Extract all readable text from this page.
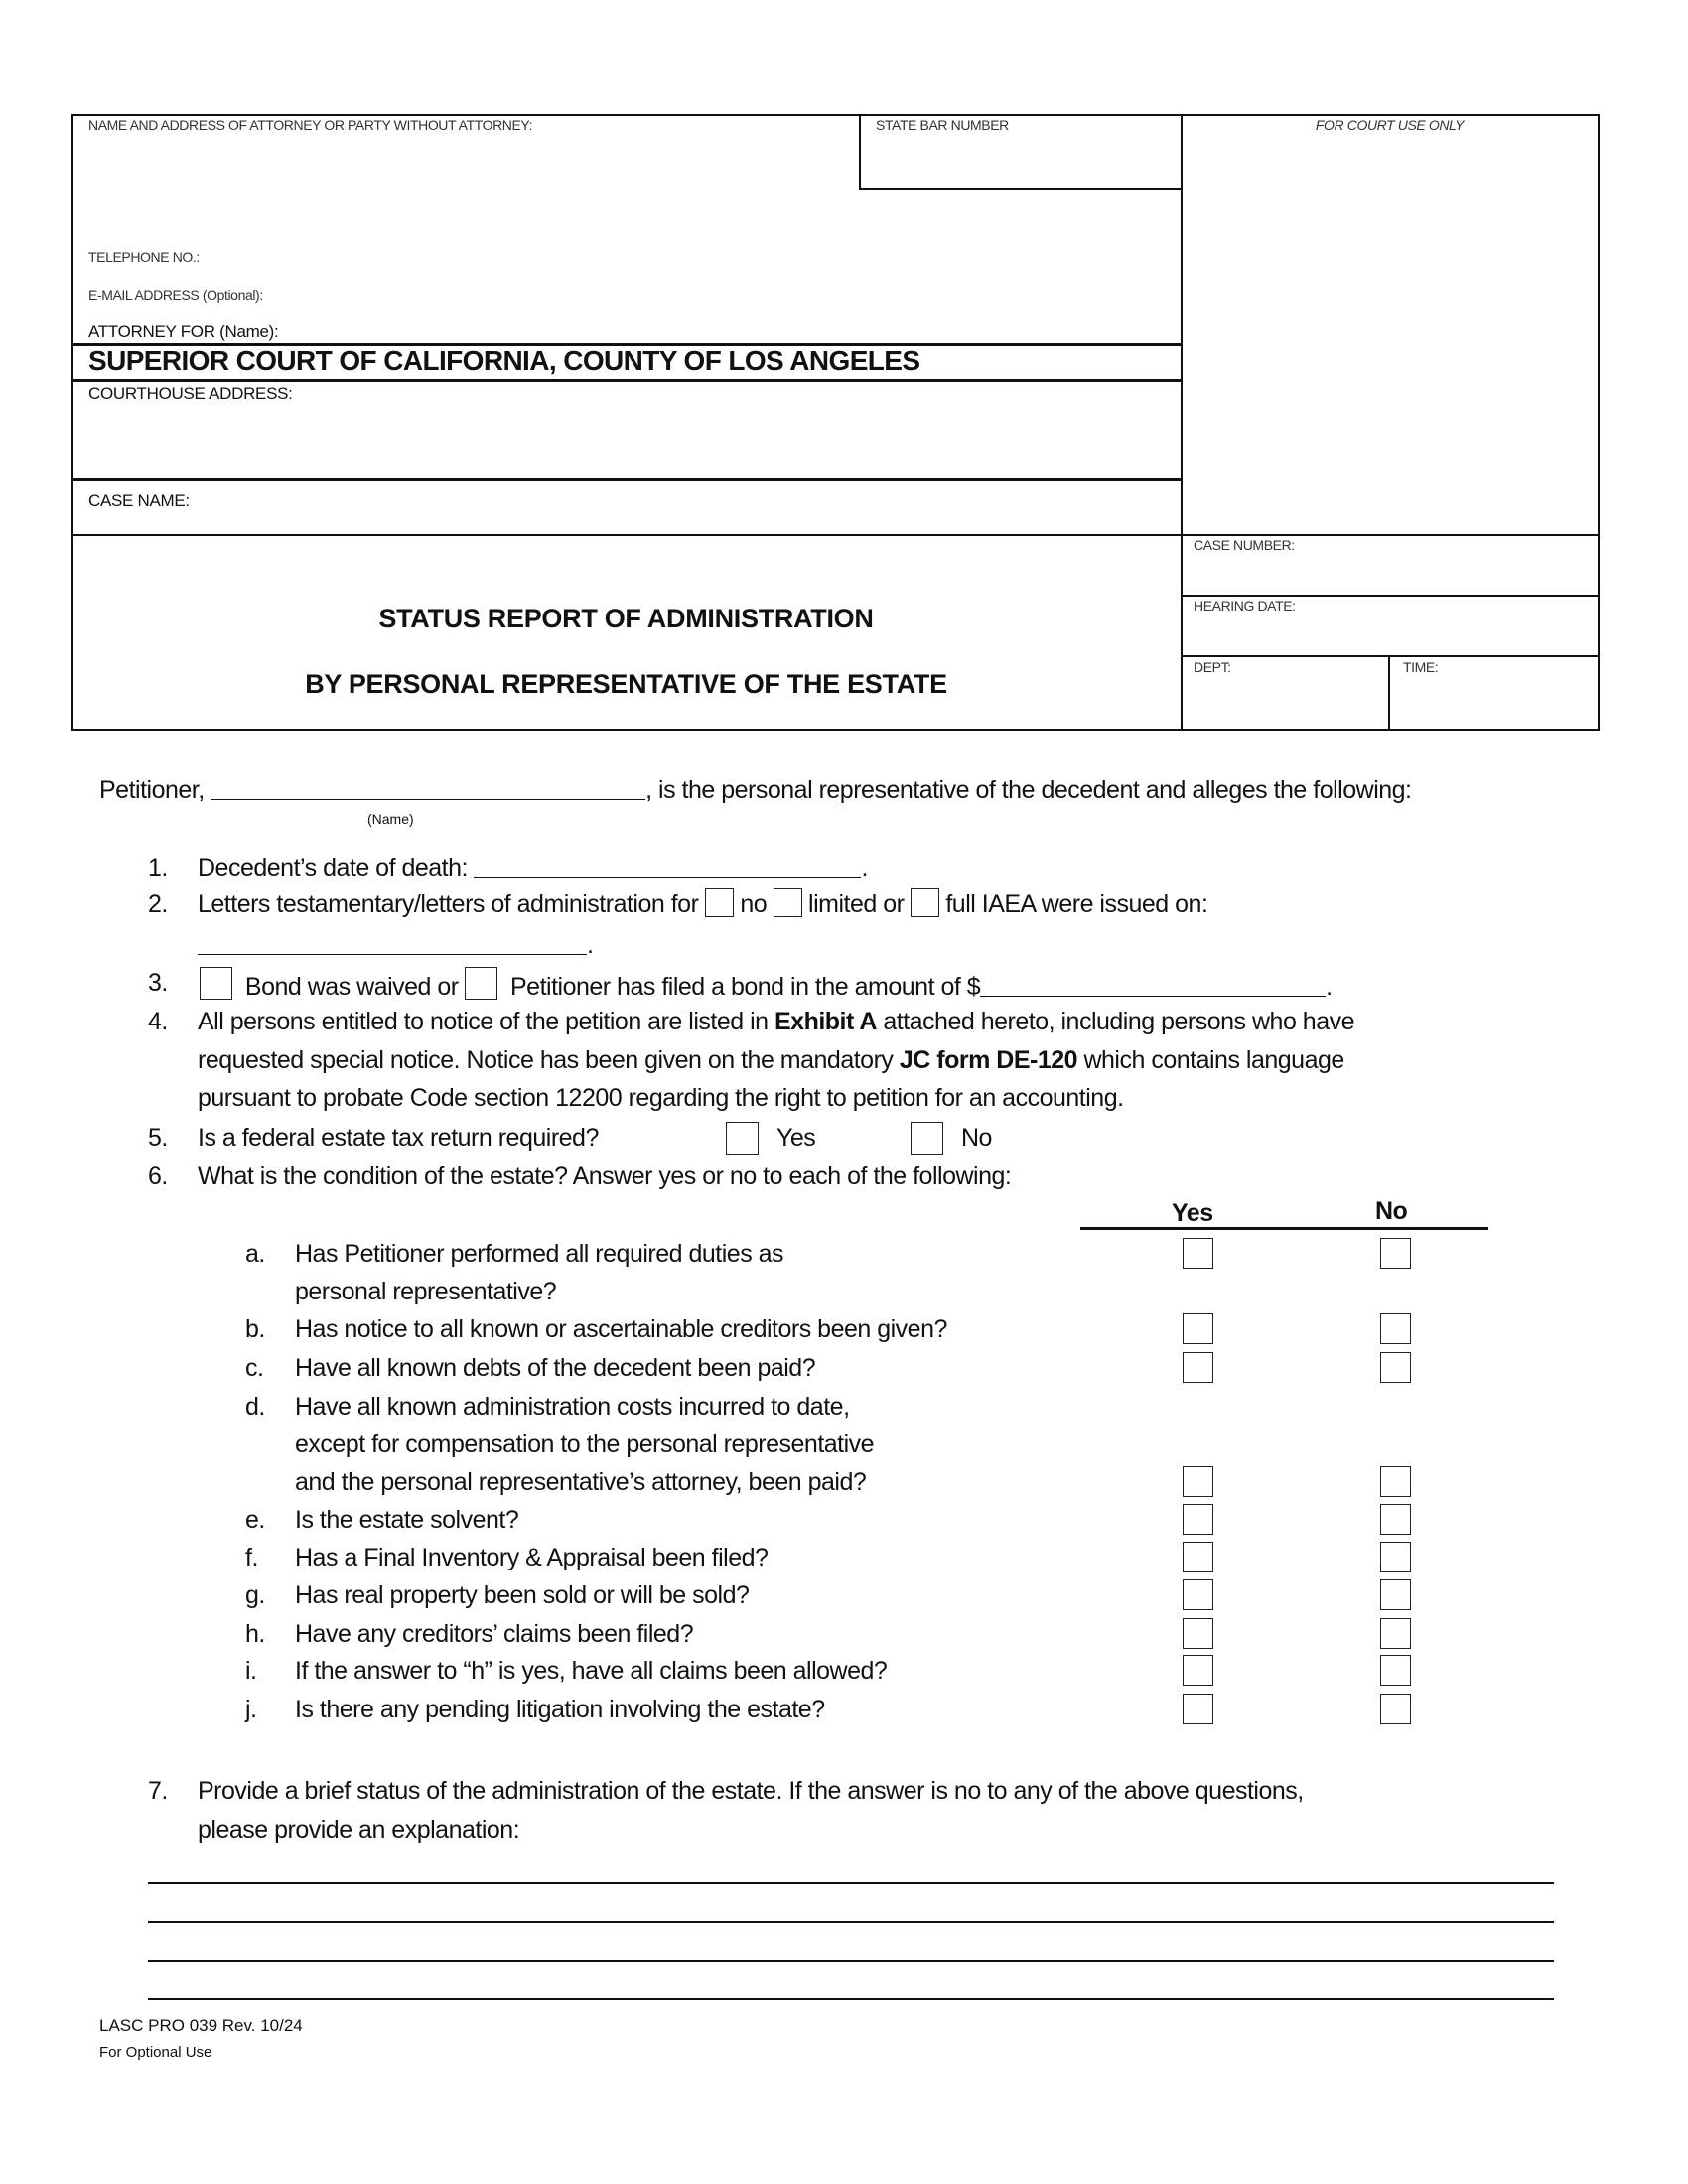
NAME AND ADDRESS OF ATTORNEY OR PARTY WITHOUT ATTORNEY:	STATE BAR NUMBER	FOR COURT USE ONLY
TELEPHONE NO.:
E-MAIL ADDRESS (Optional):
ATTORNEY FOR (Name):
SUPERIOR COURT OF CALIFORNIA, COUNTY OF LOS ANGELES
COURTHOUSE ADDRESS:
CASE NAME:
CASE NUMBER:
HEARING DATE:
DEPT:	TIME:
STATUS REPORT OF ADMINISTRATION
BY PERSONAL REPRESENTATIVE OF THE ESTATE
Petitioner,	, is the personal representative of the decedent and alleges the following:
(Name)
1. Decedent’s date of death:	.
2. Letters testamentary/letters of administration for no limited or full IAEA were issued on:
.
3.	Bond was waived or Petitioner has filed a bond in the amount of $	.
4. All persons entitled to notice of the petition are listed in Exhibit A attached hereto, including persons who have
requested special notice. Notice has been given on the mandatory JC form DE-120 which contains language
pursuant to probate Code section 12200 regarding the right to petition for an accounting.
5. Is a federal estate tax return required?	Yes	No
6. What is the condition of the estate? Answer yes or no to each of the following:
Yes	No
a. Has Petitioner performed all required duties as
personal representative?
b. Has notice to all known or ascertainable creditors been given?
c. Have all known debts of the decedent been paid?
d. Have all known administration costs incurred to date,
except for compensation to the personal representative
and the personal representative’s attorney, been paid?
e. Is the estate solvent?
f. Has a Final Inventory & Appraisal been filed?
g. Has real property been sold or will be sold?
h. Have any creditors’ claims been filed?
i. If the answer to “h” is yes, have all claims been allowed?
j. Is there any pending litigation involving the estate?
7. Provide a brief status of the administration of the estate. If the answer is no to any of the above questions,
please provide an explanation:
LASC PRO 039 Rev. 10/24
For Optional Use
